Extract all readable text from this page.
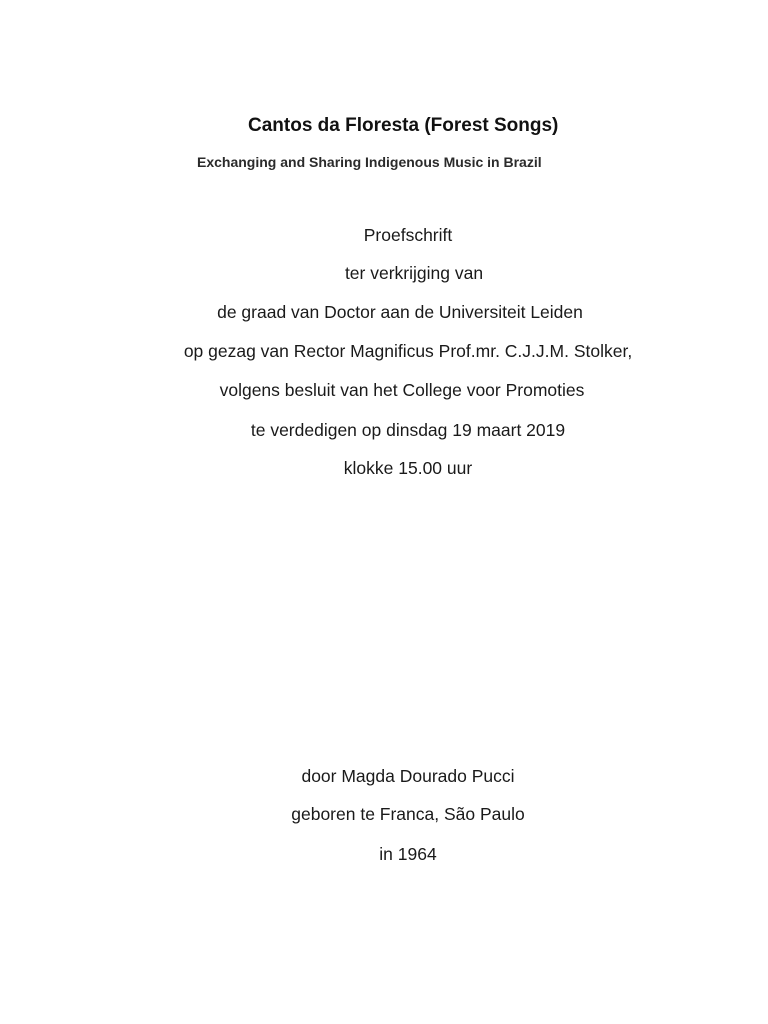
Cantos da Floresta (Forest Songs)

Exchanging and Sharing Indigenous Music in Brazil

Proefschrift

ter verkrijging van

de graad van Doctor aan de Universiteit Leiden

op gezag van Rector Magnificus Prof.mr. C.J.J.M. Stolker,

volgens besluit van het College voor Promoties

te verdedigen op dinsdag 19 maart 2019

klokke 15.00 uur

door Magda Dourado Pucci

geboren te Franca, São Paulo

in 1964
